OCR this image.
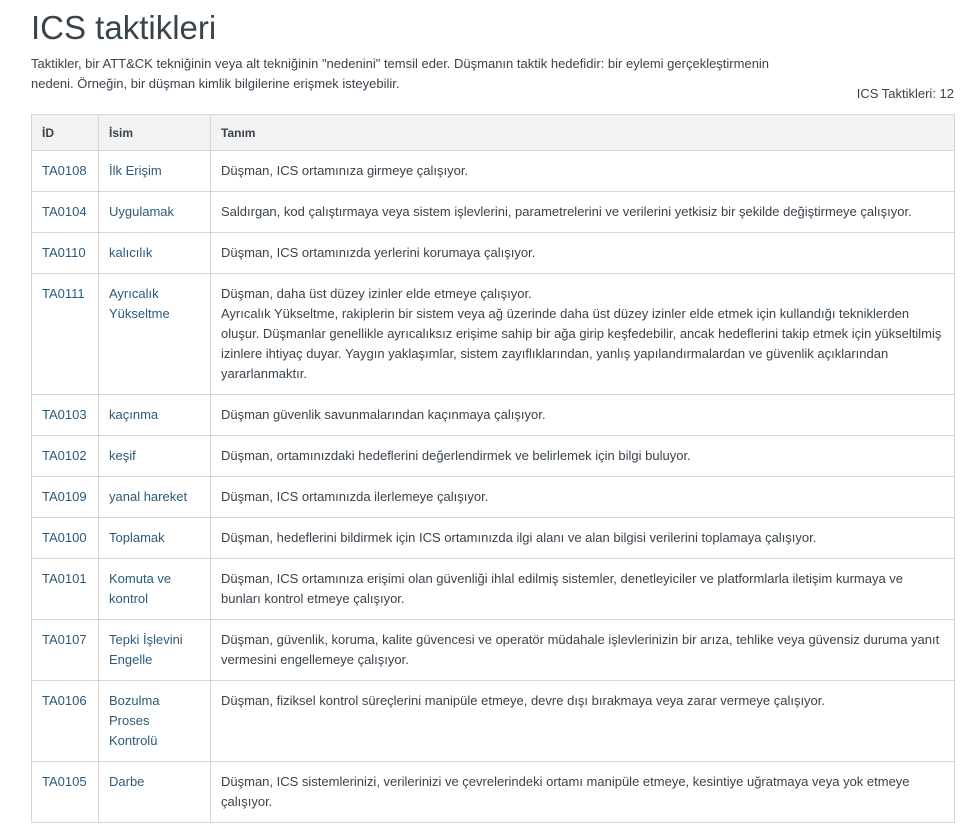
ICS taktikleri

Taktikler, bir ATT&CK tekniğinin veya alt tekniğinin "nedenini" temsil eder. Düşmanın taktik hedefidir: bir eylemi gerçekleştirmenin nedeni. Örneğin, bir düşman kimlik bilgilerine erişmek isteyebilir.

ICS Taktikleri: 12
İD	İsim	Tanım
TA0108	İlk Erişim	Düşman, ICS ortamınıza girmeye çalışıyor.

TA0104	Uygulamak	Saldırgan, kod çalıştırmaya veya sistem işlevlerini, parametrelerini ve verilerini yetkisiz bir şekilde değiştirmeye çalışıyor.

TA0110	kalıcılık	Düşman, ICS ortamınızda yerlerini korumaya çalışıyor.

TA0111	Ayrıcalık Yükseltme	Düşman, daha üst düzey izinler elde etmeye çalışıyor.
Ayrıcalık Yükseltme, rakiplerin bir sistem veya ağ üzerinde daha üst düzey izinler elde etmek için kullandığı tekniklerden oluşur. Düşmanlar genellikle ayrıcalıksız erişime sahip bir ağa girip keşfedebilir, ancak hedeflerini takip etmek için yükseltilmiş izinlere ihtiyaç duyar. Yaygın yaklaşımlar, sistem zayıflıklarından, yanlış yapılandırmalardan ve güvenlik açıklarından yararlanmaktır.

TA0103	kaçınma	Düşman güvenlik savunmalarından kaçınmaya çalışıyor.

TA0102	keşif	Düşman, ortamınızdaki hedeflerini değerlendirmek ve belirlemek için bilgi buluyor.

TA0109	yanal hareket	Düşman, ICS ortamınızda ilerlemeye çalışıyor.

TA0100	Toplamak	Düşman, hedeflerini bildirmek için ICS ortamınızda ilgi alanı ve alan bilgisi verilerini toplamaya çalışıyor.

TA0101	Komuta ve kontrol	Düşman, ICS ortamınıza erişimi olan güvenliği ihlal edilmiş sistemler, denetleyiciler ve platformlarla iletişim kurmaya ve bunları kontrol etmeye çalışıyor.

TA0107	Tepki İşlevini Engelle	Düşman, güvenlik, koruma, kalite güvencesi ve operatör müdahale işlevlerinizin bir arıza, tehlike veya güvensiz duruma yanıt vermesini engellemeye çalışıyor.

TA0106	Bozulma Proses Kontrolü	Düşman, fiziksel kontrol süreçlerini manipüle etmeye, devre dışı bırakmaya veya zarar vermeye çalışıyor.

TA0105	Darbe	Düşman, ICS sistemlerinizi, verilerinizi ve çevrelerindeki ortamı manipüle etmeye, kesintiye uğratmaya veya yok etmeye çalışıyor.
